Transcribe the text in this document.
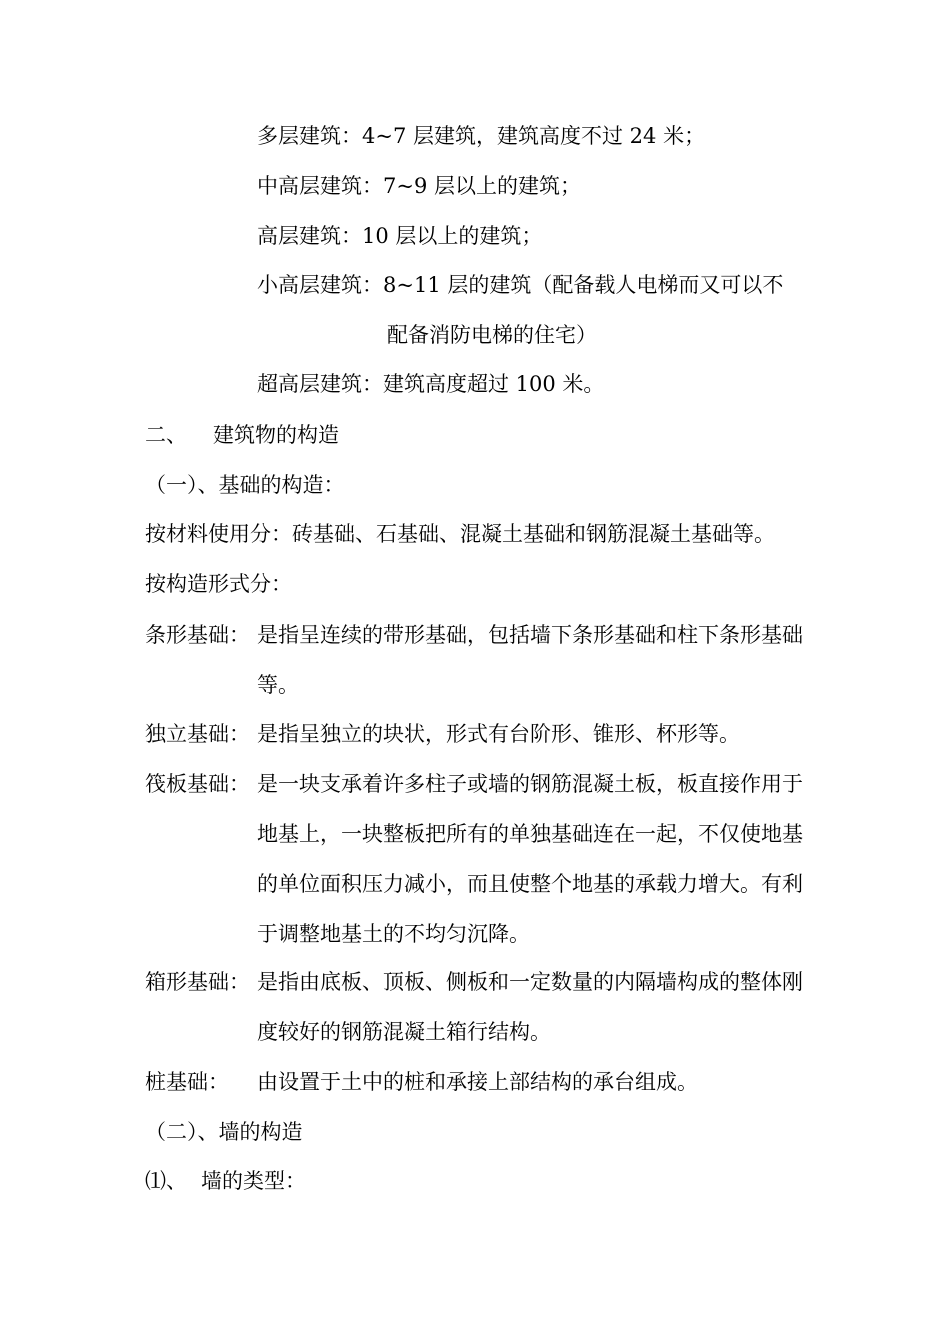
多层建筑：4~7 层建筑，建筑高度不过 24 米；
中高层建筑：7~9 层以上的建筑；
高层建筑：10 层以上的建筑；
小高层建筑：8~11 层的建筑（配备载人电梯而又可以不
配备消防电梯的住宅）
超高层建筑：建筑高度超过 100 米。
二、 建筑物的构造
（一）、基础的构造：
按材料使用分：砖基础、石基础、混凝土基础和钢筋混凝土基础等。
按构造形式分：
条形基础： 是指呈连续的带形基础，包括墙下条形基础和柱下条形基础等。
独立基础： 是指呈独立的块状，形式有台阶形、锥形、杯形等。
筏板基础： 是一块支承着许多柱子或墙的钢筋混凝土板，板直接作用于地基上，一块整板把所有的单独基础连在一起，不仅使地基的单位面积压力减小，而且使整个地基的承载力增大。有利于调整地基土的不均匀沉降。
箱形基础： 是指由底板、顶板、侧板和一定数量的内隔墙构成的整体刚度较好的钢筋混凝土箱行结构。
桩基础： 由设置于土中的桩和承接上部结构的承台组成。
（二）、墙的构造
⑴、 墙的类型：
